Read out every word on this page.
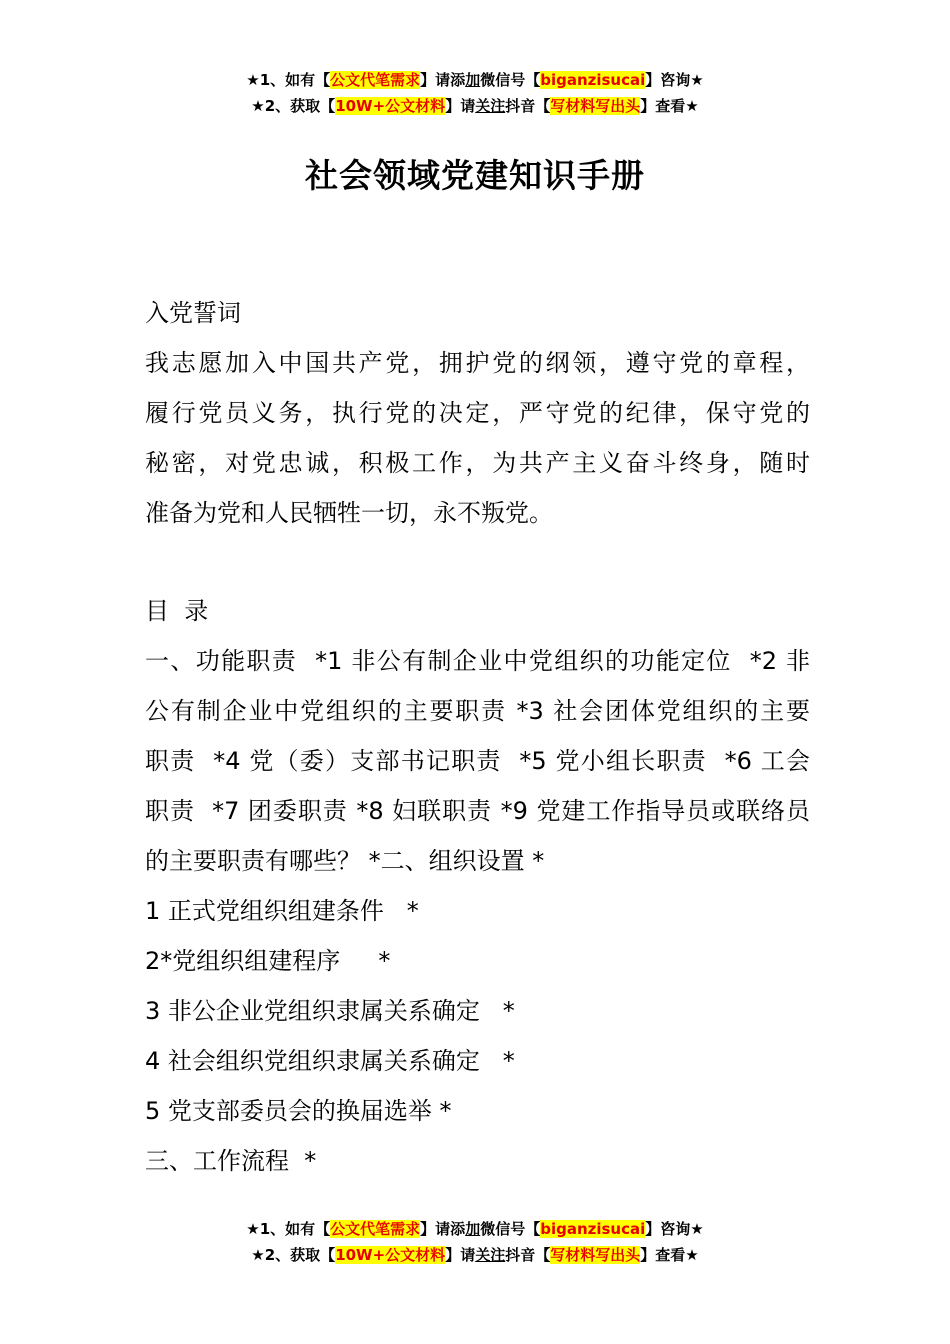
★1、如有【公文代笔需求】请添加微信号【biganzisucai】咨询★
★2、获取【10W+公文材料】请关注抖音【写材料写出头】查看★
社会领域党建知识手册
入党誓词
我志愿加入中国共产党，拥护党的纲领，遵守党的章程，
履行党员义务，执行党的决定，严守党的纪律，保守党的
秘密，对党忠诚，积极工作，为共产主义奋斗终身，随时
准备为党和人民牺牲一切，永不叛党。
目  录
一、功能职责  *1 非公有制企业中党组织的功能定位  *2 非
公有制企业中党组织的主要职责 *3 社会团体党组织的主要
职责  *4 党（委）支部书记职责  *5 党小组长职责  *6 工会
职责  *7 团委职责 *8 妇联职责 *9 党建工作指导员或联络员
的主要职责有哪些？ *二、组织设置 *
1 正式党组织组建条件   *
2*党组织组建程序     *
3 非公企业党组织隶属关系确定   *
4 社会组织党组织隶属关系确定   *
5 党支部委员会的换届选举 *
三、工作流程  *
★1、如有【公文代笔需求】请添加微信号【biganzisucai】咨询★
★2、获取【10W+公文材料】请关注抖音【写材料写出头】查看★
